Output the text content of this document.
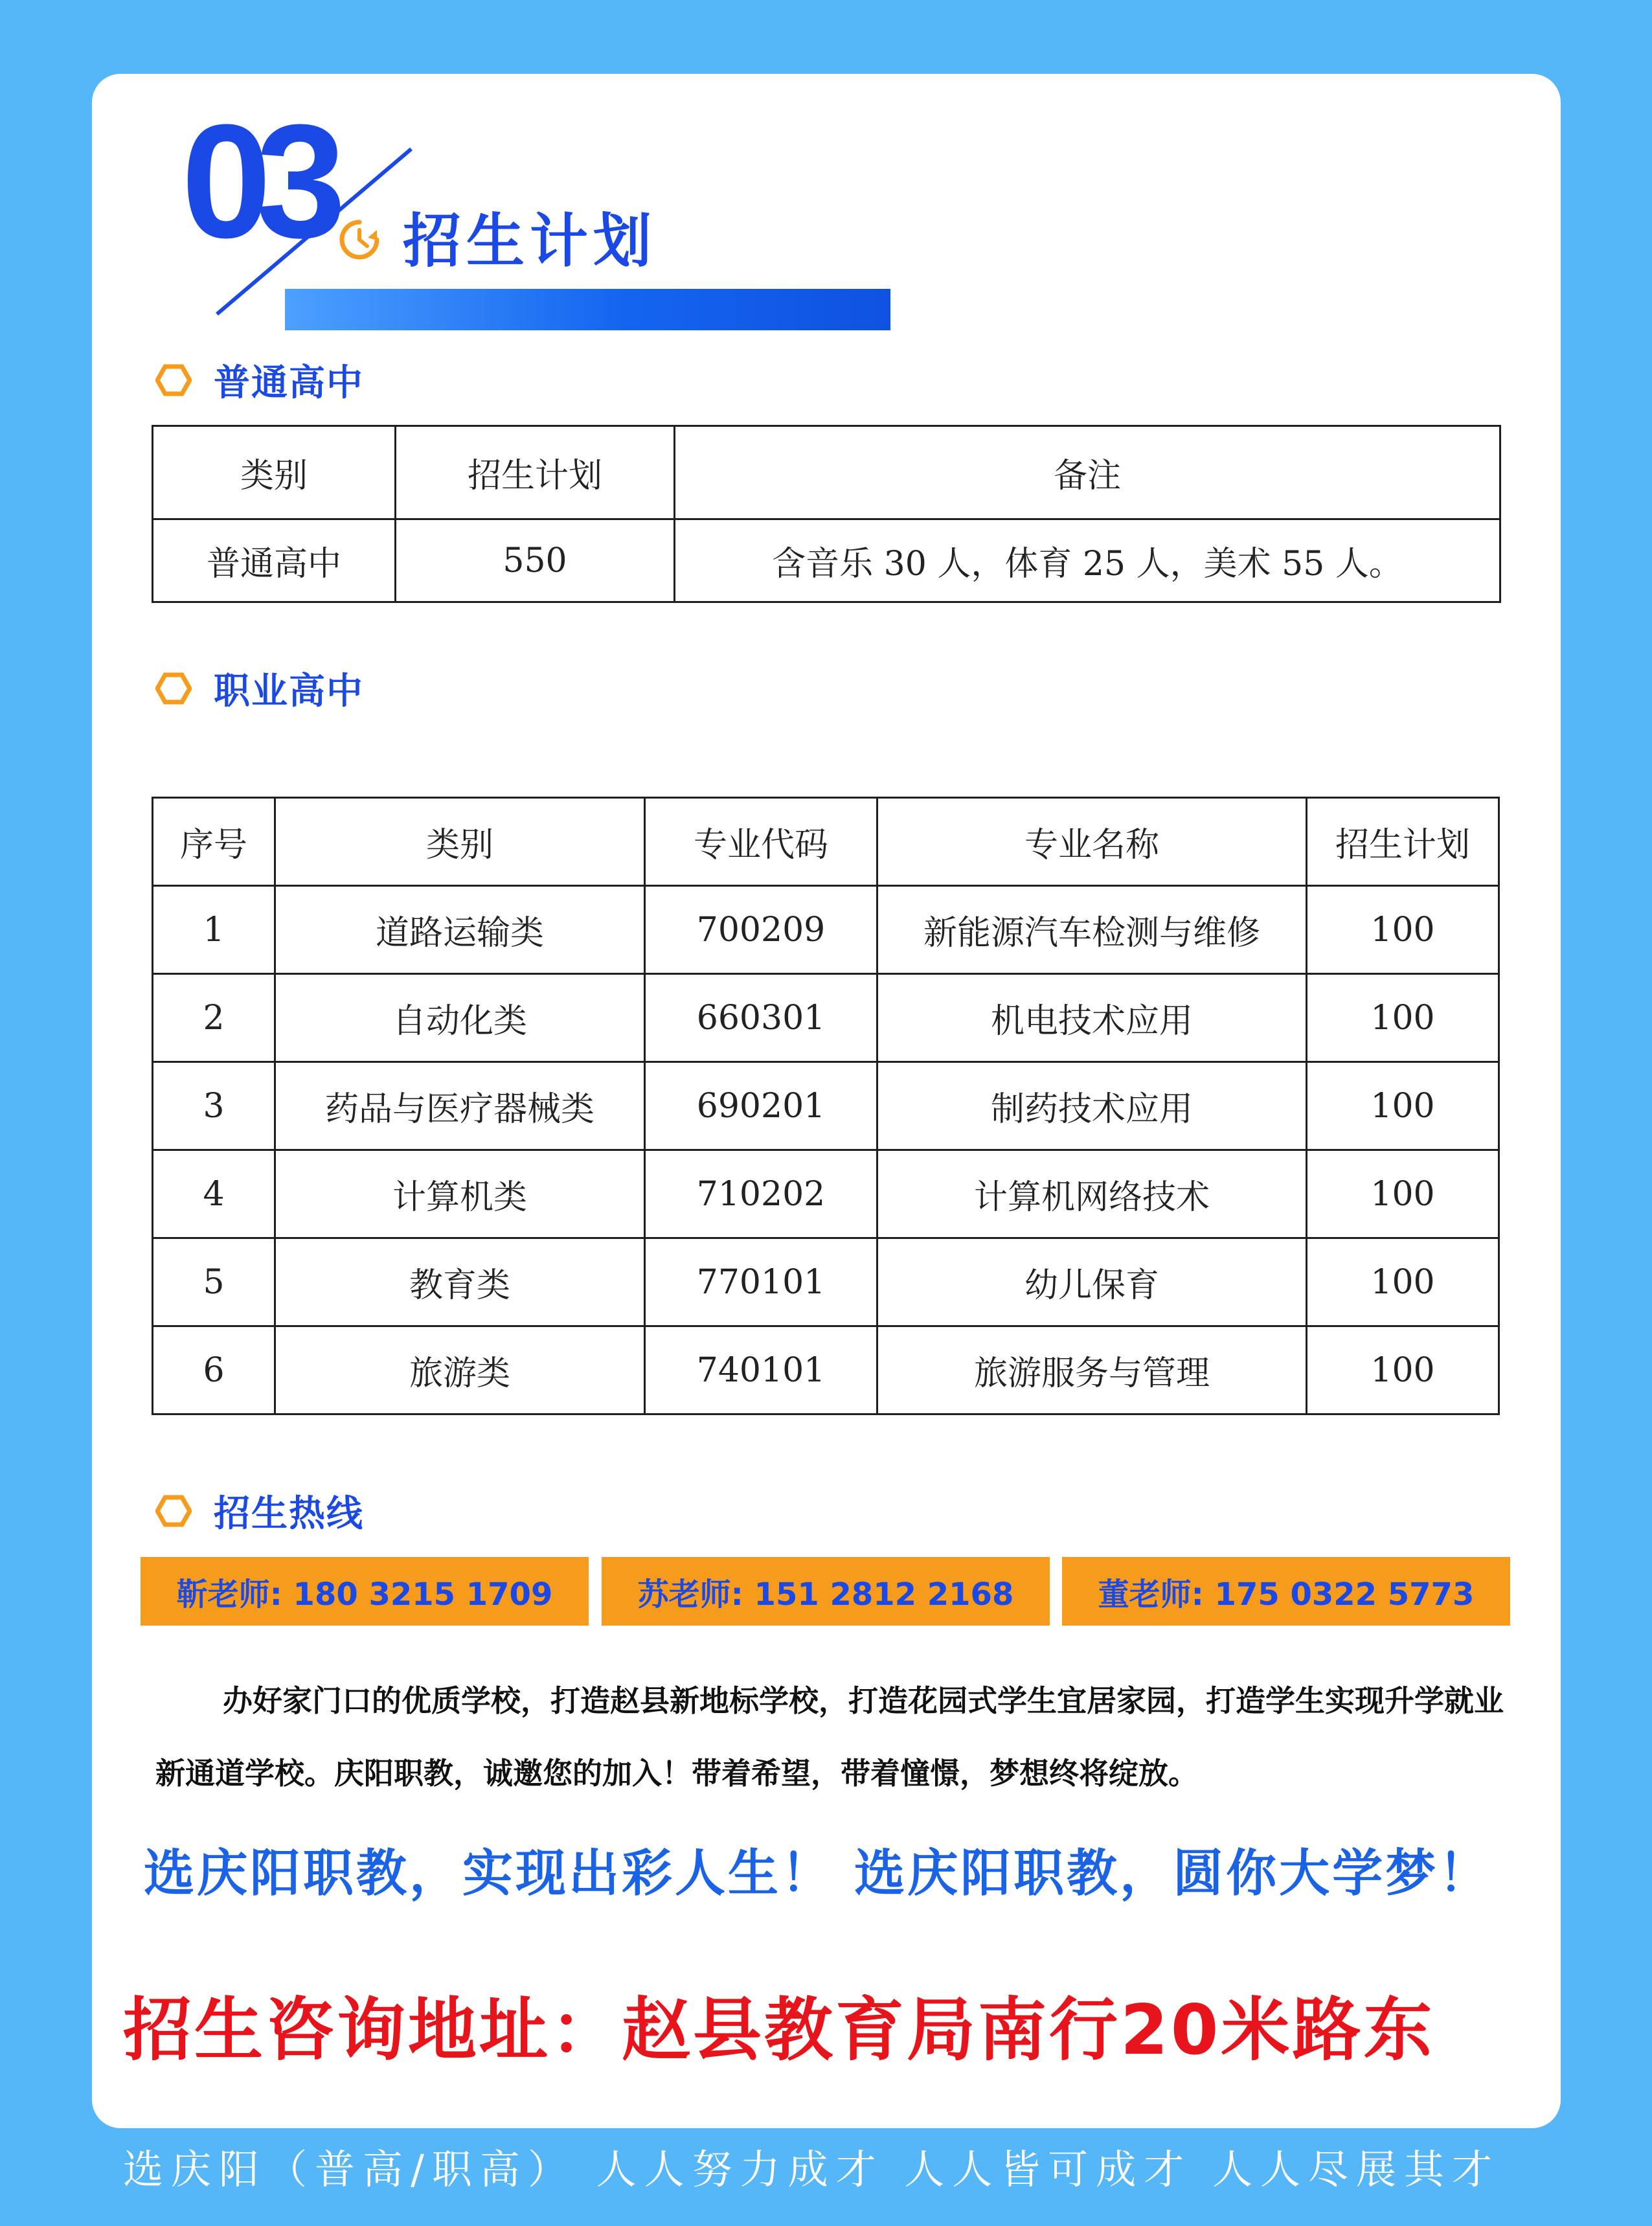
03 招生计划
普通高中
类别	招生计划	备注
普通高中	550	含音乐 30 人，体育 25 人，美术 55 人。
职业高中
序号	类别	专业代码	专业名称	招生计划
1	道路运输类	700209	新能源汽车检测与维修	100
2	自动化类	660301	机电技术应用	100
3	药品与医疗器械类	690201	制药技术应用	100
4	计算机类	710202	计算机网络技术	100
5	教育类	770101	幼儿保育	100
6	旅游类	740101	旅游服务与管理	100
招生热线
靳老师: 180 3215 1709	苏老师: 151 2812 2168	董老师: 175 0322 5773
办好家门口的优质学校，打造赵县新地标学校，打造花园式学生宜居家园，打造学生实现升学就业新通道学校。庆阳职教，诚邀您的加入！带着希望，带着憧憬，梦想终将绽放。
选庆阳职教，实现出彩人生！ 选庆阳职教，圆你大学梦！
招生咨询地址：赵县教育局南行20米路东
选庆阳（普高/职高） 人人努力成才 人人皆可成才 人人尽展其才
